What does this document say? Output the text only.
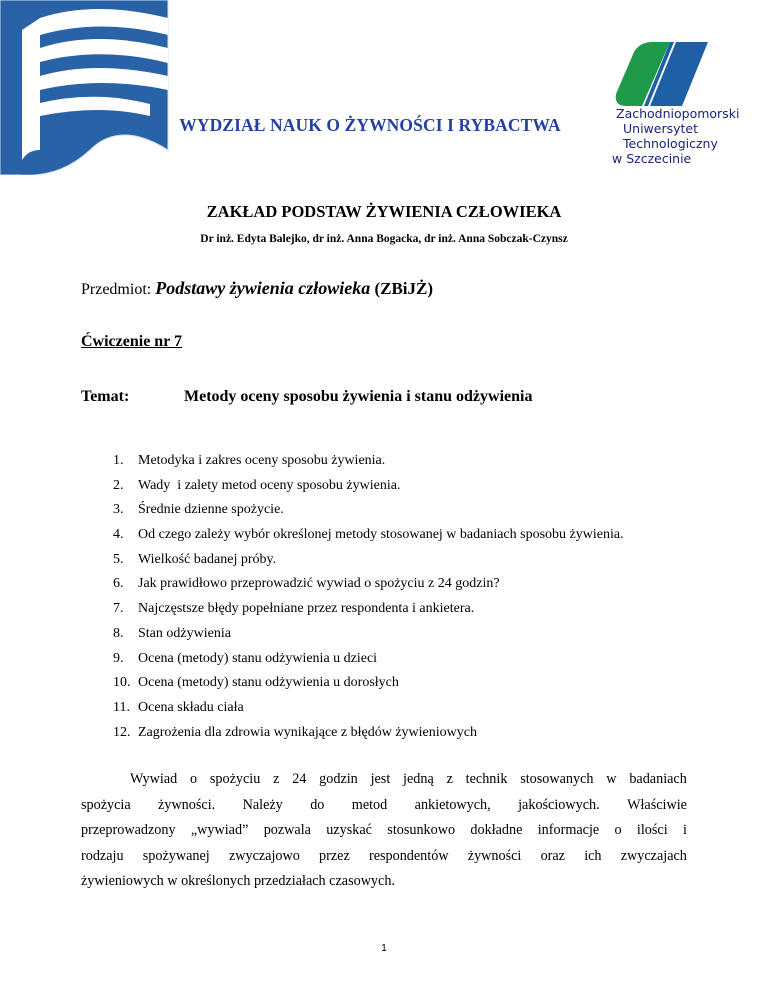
Zachodniopomorski
Uniwersytet
Technologiczny
w Szczecinie
WYDZIAŁ NAUK O ŻYWNOŚCI I RYBACTWA
ZAKŁAD PODSTAW ŻYWIENIA CZŁOWIEKA
Dr inż. Edyta Balejko, dr inż. Anna Bogacka, dr inż. Anna Sobczak-Czynsz
Przedmiot: Podstawy żywienia człowieka (ZBiJŻ)
Ćwiczenie nr 7
Temat:	Metody oceny sposobu żywienia i stanu odżywienia
1. Metodyka i zakres oceny sposobu żywienia.
2. Wady  i zalety metod oceny sposobu żywienia.
3. Średnie dzienne spożycie.
4. Od czego zależy wybór określonej metody stosowanej w badaniach sposobu żywienia.
5. Wielkość badanej próby.
6. Jak prawidłowo przeprowadzić wywiad o spożyciu z 24 godzin?
7. Najczęstsze błędy popełniane przez respondenta i ankietera.
8. Stan odżywienia
9. Ocena (metody) stanu odżywienia u dzieci
10. Ocena (metody) stanu odżywienia u dorosłych
11. Ocena składu ciała
12. Zagrożenia dla zdrowia wynikające z błędów żywieniowych
Wywiad o spożyciu z 24 godzin jest jedną z technik stosowanych w badaniach
spożycia żywności. Należy do metod ankietowych, jakościowych. Właściwie
przeprowadzony „wywiad” pozwala uzyskać stosunkowo dokładne informacje o ilości i
rodzaju spożywanej zwyczajowo przez respondentów żywności oraz ich zwyczajach
żywieniowych w określonych przedziałach czasowych.
1
